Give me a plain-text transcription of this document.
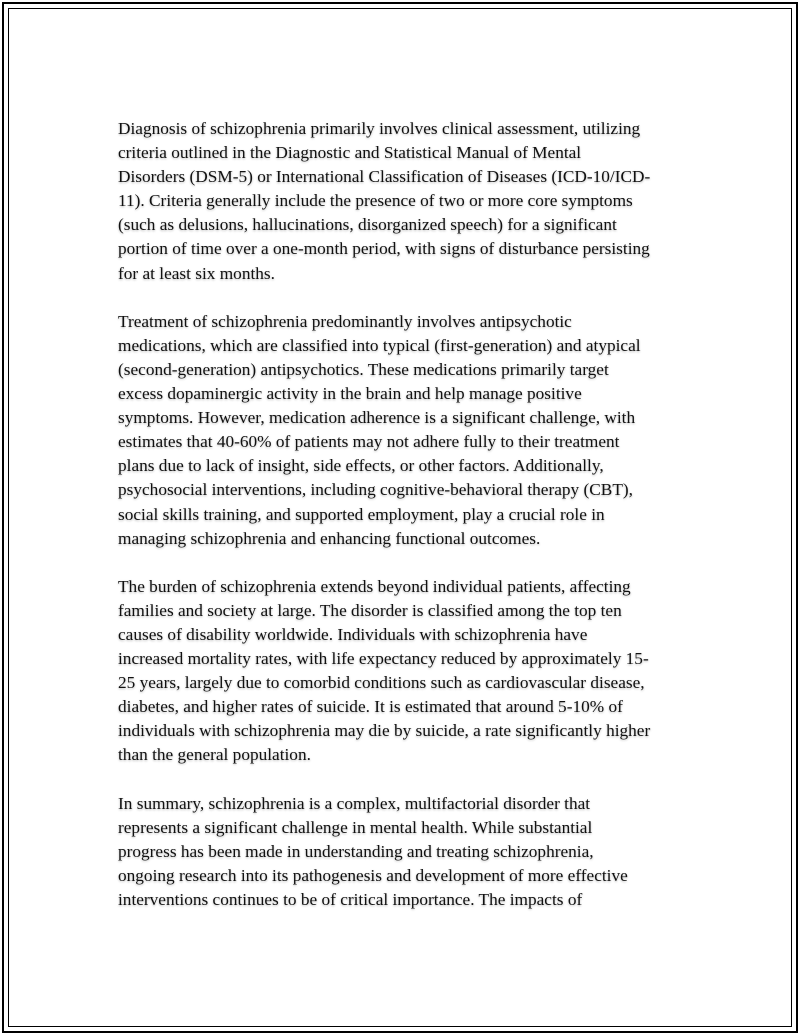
Diagnosis of schizophrenia primarily involves clinical assessment, utilizing
criteria outlined in the Diagnostic and Statistical Manual of Mental
Disorders (DSM-5) or International Classification of Diseases (ICD-10/ICD-
11). Criteria generally include the presence of two or more core symptoms
(such as delusions, hallucinations, disorganized speech) for a significant
portion of time over a one-month period, with signs of disturbance persisting
for at least six months.

Treatment of schizophrenia predominantly involves antipsychotic
medications, which are classified into typical (first-generation) and atypical
(second-generation) antipsychotics. These medications primarily target
excess dopaminergic activity in the brain and help manage positive
symptoms. However, medication adherence is a significant challenge, with
estimates that 40-60% of patients may not adhere fully to their treatment
plans due to lack of insight, side effects, or other factors. Additionally,
psychosocial interventions, including cognitive-behavioral therapy (CBT),
social skills training, and supported employment, play a crucial role in
managing schizophrenia and enhancing functional outcomes.

The burden of schizophrenia extends beyond individual patients, affecting
families and society at large. The disorder is classified among the top ten
causes of disability worldwide. Individuals with schizophrenia have
increased mortality rates, with life expectancy reduced by approximately 15-
25 years, largely due to comorbid conditions such as cardiovascular disease,
diabetes, and higher rates of suicide. It is estimated that around 5-10% of
individuals with schizophrenia may die by suicide, a rate significantly higher
than the general population.

In summary, schizophrenia is a complex, multifactorial disorder that
represents a significant challenge in mental health. While substantial
progress has been made in understanding and treating schizophrenia,
ongoing research into its pathogenesis and development of more effective
interventions continues to be of critical importance. The impacts of
